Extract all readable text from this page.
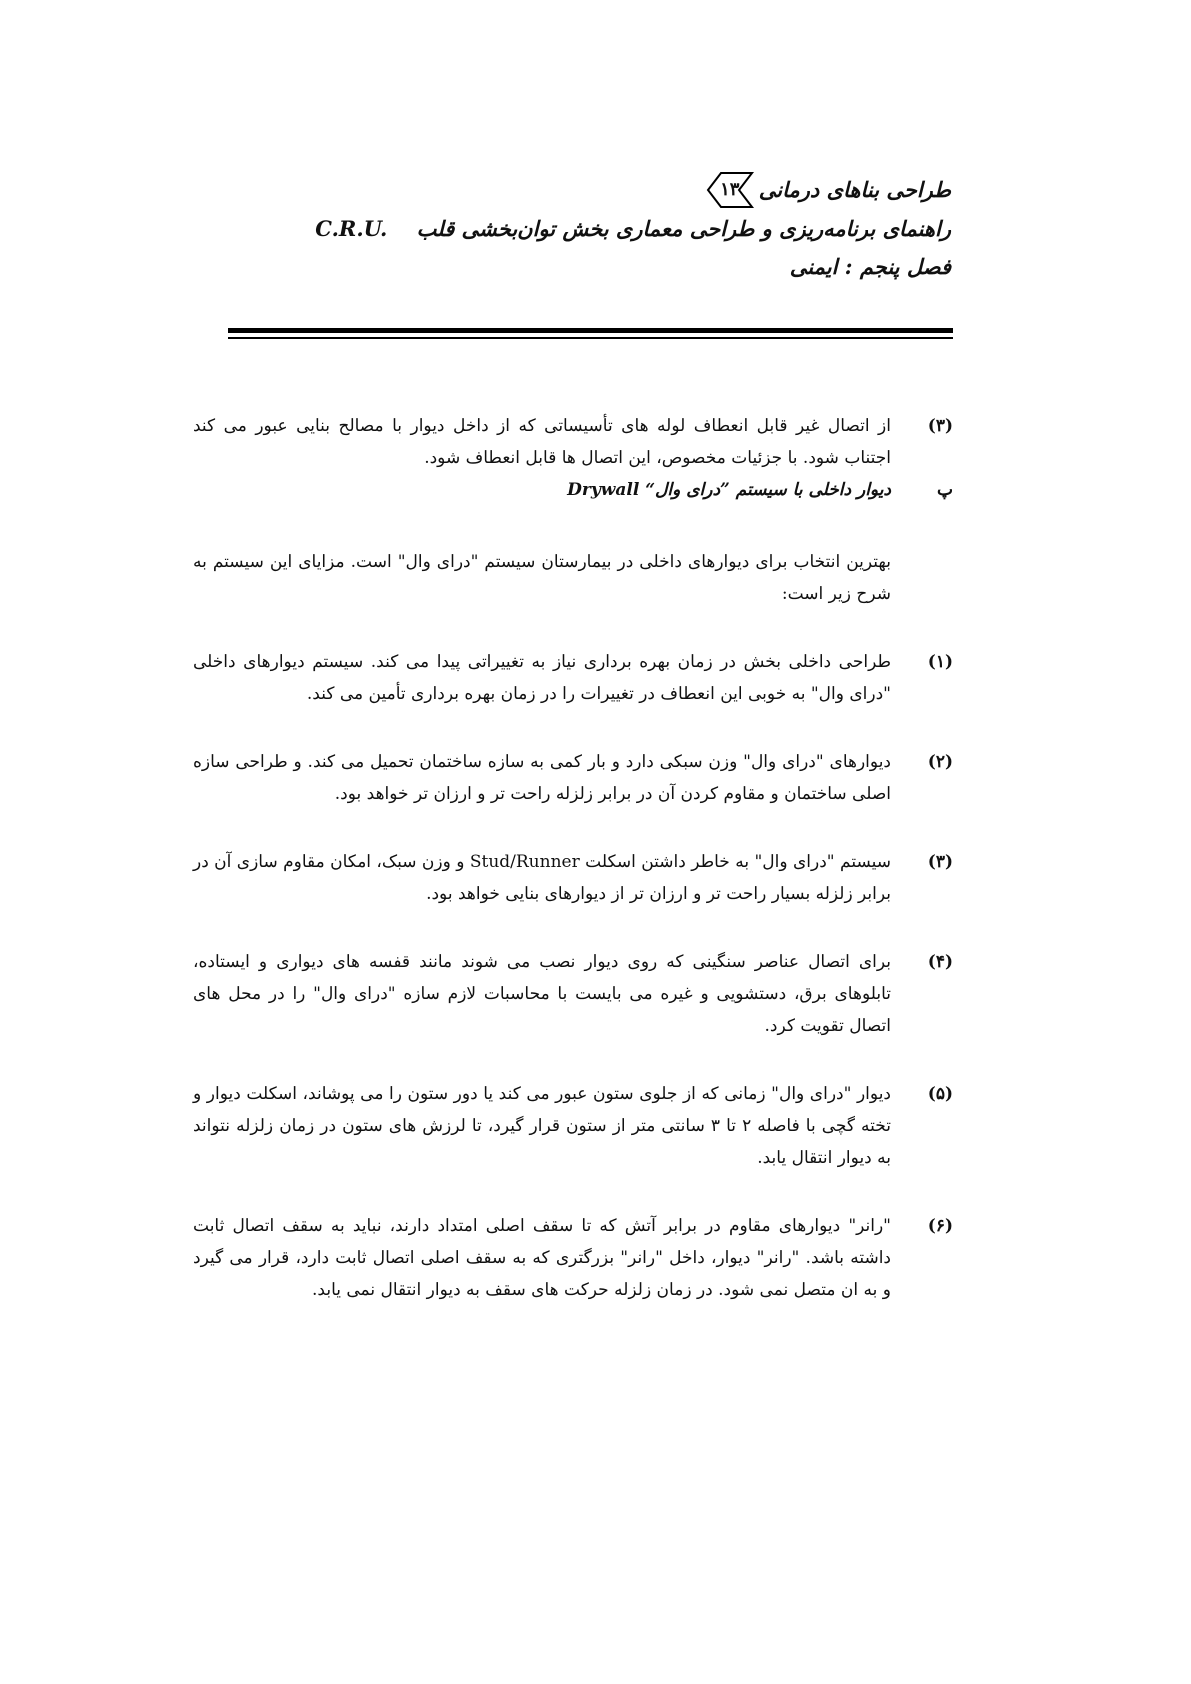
طراحی بناهای درمانی
۱۳
راهنمای برنامه‌ریزی و طراحی معماری بخش توان‌بخشی قلب    C.R.U.
فصل پنجم : ایمنی
(۳)
از اتصال غیر قابل انعطاف لوله های تأسیساتی که از داخل دیوار با مصالح بنایی عبور می کند اجتناب شود. با جزئیات مخصوص، این اتصال ها قابل انعطاف شود.
پ
دیوار داخلی با سیستم ”درای وال“ Drywall
بهترین انتخاب برای دیوارهای داخلی در بیمارستان سیستم "درای وال" است. مزایای این سیستم به شرح زیر است:
(۱)
طراحی داخلی بخش در زمان بهره برداری نیاز به تغییراتی پیدا می کند. سیستم دیوارهای داخلی "درای وال" به خوبی این انعطاف در تغییرات را در زمان بهره برداری تأمین می کند.
(۲)
دیوارهای "درای وال" وزن سبکی دارد و بار کمی به سازه ساختمان تحمیل می کند. و طراحی سازه اصلی ساختمان و مقاوم کردن آن در برابر زلزله راحت تر و ارزان تر خواهد بود.
(۳)
سیستم "درای وال" به خاطر داشتن اسکلت Stud/Runner و وزن سبک، امکان مقاوم سازی آن در برابر زلزله بسیار راحت تر و ارزان تر از دیوارهای بنایی خواهد بود.
(۴)
برای اتصال عناصر سنگینی که روی دیوار نصب می شوند مانند قفسه های دیواری و ایستاده، تابلوهای برق، دستشویی و غیره می بایست با محاسبات لازم سازه "درای وال" را در محل های اتصال تقویت کرد.
(۵)
دیوار "درای وال" زمانی که از جلوی ستون عبور می کند یا دور ستون را می پوشاند، اسکلت دیوار و تخته گچی با فاصله ۲ تا ۳ سانتی متر از ستون قرار گیرد، تا لرزش های ستون در زمان زلزله نتواند به دیوار انتقال یابد.
(۶)
"رانر" دیوارهای مقاوم در برابر آتش که تا سقف اصلی امتداد دارند، نباید به سقف اتصال ثابت داشته باشد. "رانر" دیوار، داخل "رانر" بزرگتری که به سقف اصلی اتصال ثابت دارد، قرار می گیرد و به ان متصل نمی شود. در زمان زلزله حرکت های سقف به دیوار انتقال نمی یابد.
